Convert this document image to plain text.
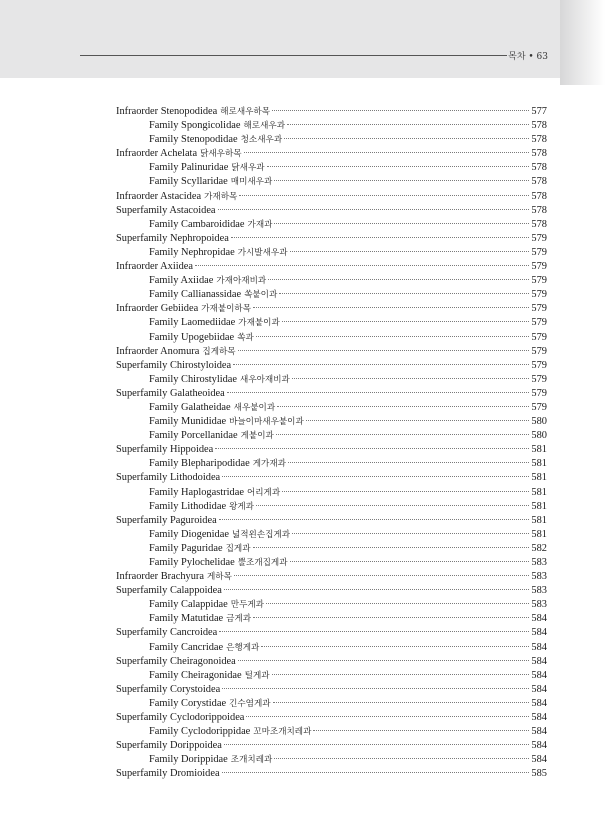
목차 • 63
Infraorder Stenopodidea 해로새우하목	577
Family Spongicolidae 해로새우과	578
Family Stenopodidae 청소새우과	578
Infraorder Achelata 닭새우하목	578
Family Palinuridae 닭새우과	578
Family Scyllaridae 매미새우과	578
Infraorder Astacidea 가재하목	578
Superfamily Astacoidea	578
Family Cambaroididae 가재과	578
Superfamily Nephropoidea	579
Family Nephropidae 가시발새우과	579
Infraorder Axiidea	579
Family Axiidae 가재아재비과	579
Family Callianassidae 쏙붙이과	579
Infraorder Gebiidea 가재붙이하목	579
Family Laomediidae 가재붙이과	579
Family Upogebiidae 쏙과	579
Infraorder Anomura 집게하목	579
Superfamily Chirostyloidea	579
Family Chirostylidae 새우아재비과	579
Superfamily Galatheoidea	579
Family Galatheidae 새우붙이과	579
Family Munididae 바늘이마새우붙이과	580
Family Porcellanidae 게붙이과	580
Superfamily Hippoidea	581
Family Blepharipodidae 게가재과	581
Superfamily Lithodoidea	581
Family Haplogastridae 어리게과	581
Family Lithodidae 왕게과	581
Superfamily Paguroidea	581
Family Diogenidae 넓적왼손집게과	581
Family Paguridae 집게과	582
Family Pylochelidae 뿔조개집게과	583
Infraorder Brachyura 게하목	583
Superfamily Calappoidea	583
Family Calappidae 만두게과	583
Family Matutidae 금게과	584
Superfamily Cancroidea	584
Family Cancridae 은행게과	584
Superfamily Cheiragonoidea	584
Family Cheiragonidae 털게과	584
Superfamily Corystoidea	584
Family Corystidae 긴수염게과	584
Superfamily Cyclodorippoidea	584
Family Cyclodorippidae 꼬마조개치레과	584
Superfamily Dorippoidea	584
Family Dorippidae 조개치레과	584
Superfamily Dromioidea	585
